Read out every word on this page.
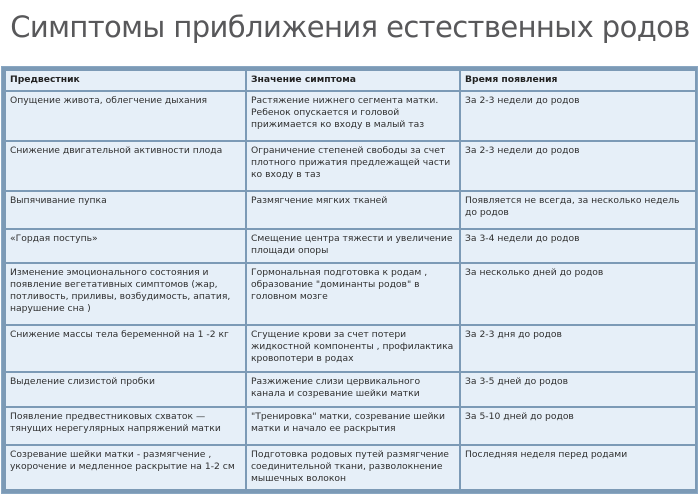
Симптомы приближения естественных родов
Предвестник	Значение симптома	Время появления
Опущение живота, облегчение дыхания	Растяжение нижнего сегмента матки. Ребенок опускается и головой прижимается ко входу в малый таз	За 2-3 недели до родов
Снижение двигательной активности плода	Ограничение степеней свободы за счет плотного прижатия предлежащей части ко входу в таз	За 2-3 недели до родов
Выпячивание пупка	Размягчение мягких тканей	Появляется не всегда, за несколько недель до родов
«Гордая поступь»	Смещение центра тяжести и увеличение площади опоры	За 3-4 недели до родов
Изменение эмоционального состояния и появление вегетативных симптомов (жар, потливость, приливы, возбудимость, апатия, нарушение сна )	Гормональная подготовка к родам , образование "доминанты родов" в головном мозге	За несколько дней до родов
Снижение массы тела беременной на 1 -2 кг	Сгущение крови за счет потери жидкостной компоненты , профилактика кровопотери в родах	За 2-3 дня до родов
Выделение слизистой пробки	Разжижение слизи цервикального канала и созревание шейки матки	За 3-5 дней до родов
Появление предвестниковых схваток — тянущих нерегулярных напряжений матки	"Тренировка" матки, созревание шейки матки и начало ее раскрытия	За 5-10 дней до родов
Созревание шейки матки - размягчение , укорочение и медленное раскрытие на 1-2 см	Подготовка родовых путей размягчение соединительной ткани, разволокнение мышечных волокон	Последняя неделя перед родами
